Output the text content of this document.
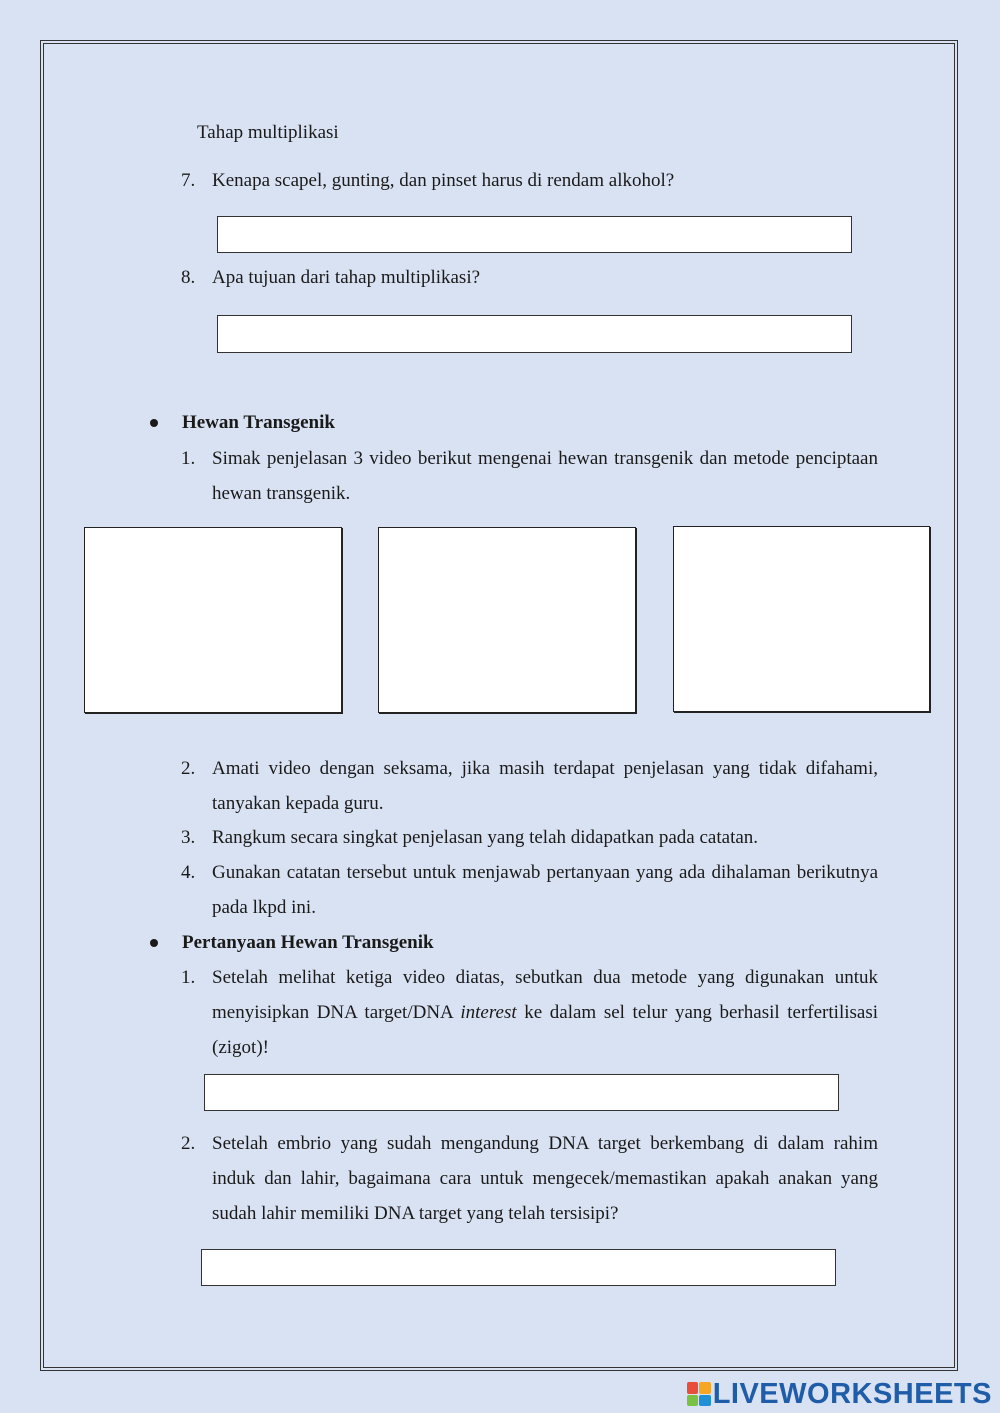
Tahap multiplikasi
7. Kenapa scapel, gunting, dan pinset harus di rendam alkohol?
8. Apa tujuan dari tahap multiplikasi?
Hewan Transgenik
1. Simak penjelasan 3 video berikut mengenai hewan transgenik dan metode penciptaan hewan transgenik.
2. Amati video dengan seksama, jika masih terdapat penjelasan yang tidak difahami, tanyakan kepada guru.
3. Rangkum secara singkat penjelasan yang telah didapatkan pada catatan.
4. Gunakan catatan tersebut untuk menjawab pertanyaan yang ada dihalaman berikutnya pada lkpd ini.
Pertanyaan Hewan Transgenik
1. Setelah melihat ketiga video diatas, sebutkan dua metode yang digunakan untuk menyisipkan DNA target/DNA interest ke dalam sel telur yang berhasil terfertilisasi (zigot)!
2. Setelah embrio yang sudah mengandung DNA target berkembang di dalam rahim induk dan lahir, bagaimana cara untuk mengecek/memastikan apakah anakan yang sudah lahir memiliki DNA target yang telah tersisipi?
LIVEWORKSHEETS
